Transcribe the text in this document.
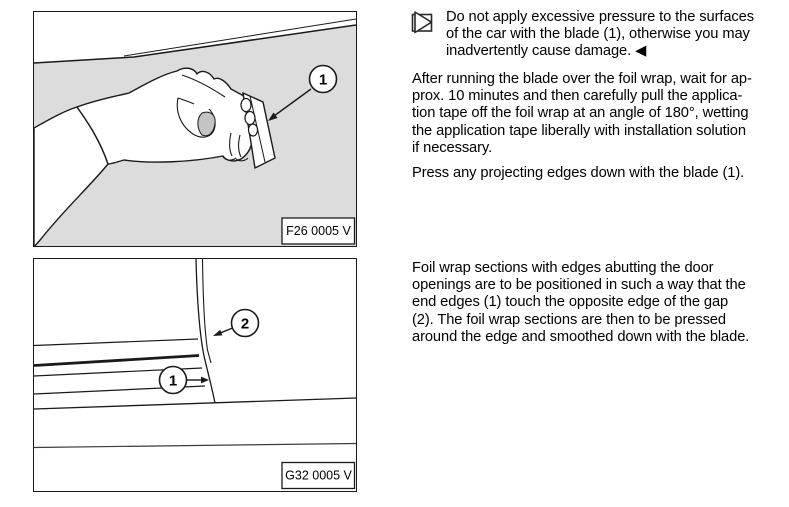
1
F26 0005 V
2
1
G32 0005 V
Do not apply excessive pressure to the surfaces
of the car with the blade (1), otherwise you may
inadvertently cause damage. ◀
After running the blade over the foil wrap, wait for ap-
prox. 10 minutes and then carefully pull the applica-
tion tape off the foil wrap at an angle of 180°, wetting
the application tape liberally with installation solution
if necessary.
Press any projecting edges down with the blade (1).
Foil wrap sections with edges abutting the door
openings are to be positioned in such a way that the
end edges (1) touch the opposite edge of the gap
(2). The foil wrap sections are then to be pressed
around the edge and smoothed down with the blade.
